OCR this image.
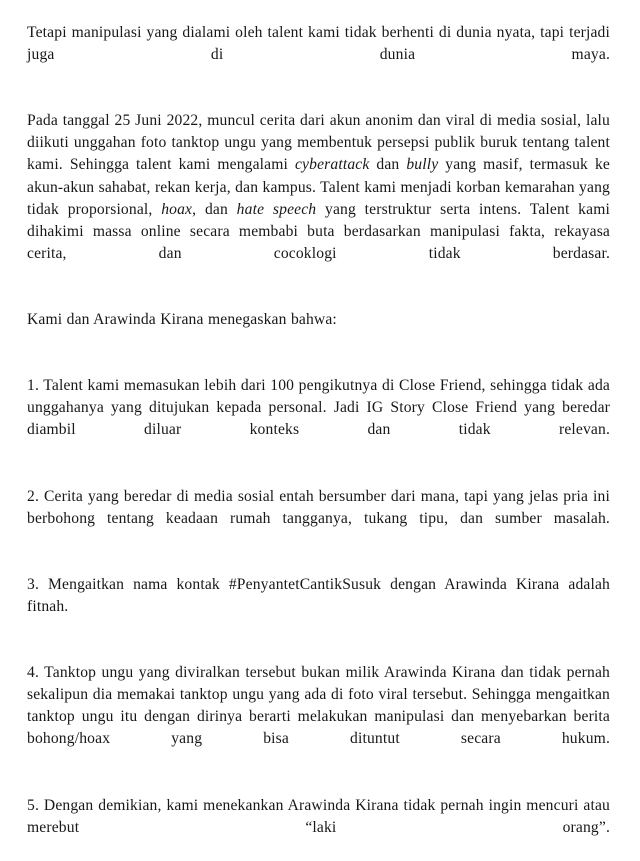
Tetapi manipulasi yang dialami oleh talent kami tidak berhenti di dunia nyata, tapi terjadi juga di dunia maya.

Pada tanggal 25 Juni 2022, muncul cerita dari akun anonim dan viral di media sosial, lalu diikuti unggahan foto tanktop ungu yang membentuk persepsi publik buruk tentang talent kami. Sehingga talent kami mengalami cyberattack dan bully yang masif, termasuk ke akun-akun sahabat, rekan kerja, dan kampus. Talent kami menjadi korban kemarahan yang tidak proporsional, hoax, dan hate speech yang terstruktur serta intens. Talent kami dihakimi massa online secara membabi buta berdasarkan manipulasi fakta, rekayasa cerita, dan cocoklogi tidak berdasar.

Kami dan Arawinda Kirana menegaskan bahwa:

1. Talent kami memasukan lebih dari 100 pengikutnya di Close Friend, sehingga tidak ada unggahanya yang ditujukan kepada personal. Jadi IG Story Close Friend yang beredar diambil diluar konteks dan tidak relevan.

2. Cerita yang beredar di media sosial entah bersumber dari mana, tapi yang jelas pria ini berbohong tentang keadaan rumah tangganya, tukang tipu, dan sumber masalah.

3. Mengaitkan nama kontak #PenyantetCantikSusuk dengan Arawinda Kirana adalah fitnah.

4. Tanktop ungu yang diviralkan tersebut bukan milik Arawinda Kirana dan tidak pernah sekalipun dia memakai tanktop ungu yang ada di foto viral tersebut. Sehingga mengaitkan tanktop ungu itu dengan dirinya berarti melakukan manipulasi dan menyebarkan berita bohong/hoax yang bisa dituntut secara hukum.

5. Dengan demikian, kami menekankan Arawinda Kirana tidak pernah ingin mencuri atau merebut “laki orang”.
